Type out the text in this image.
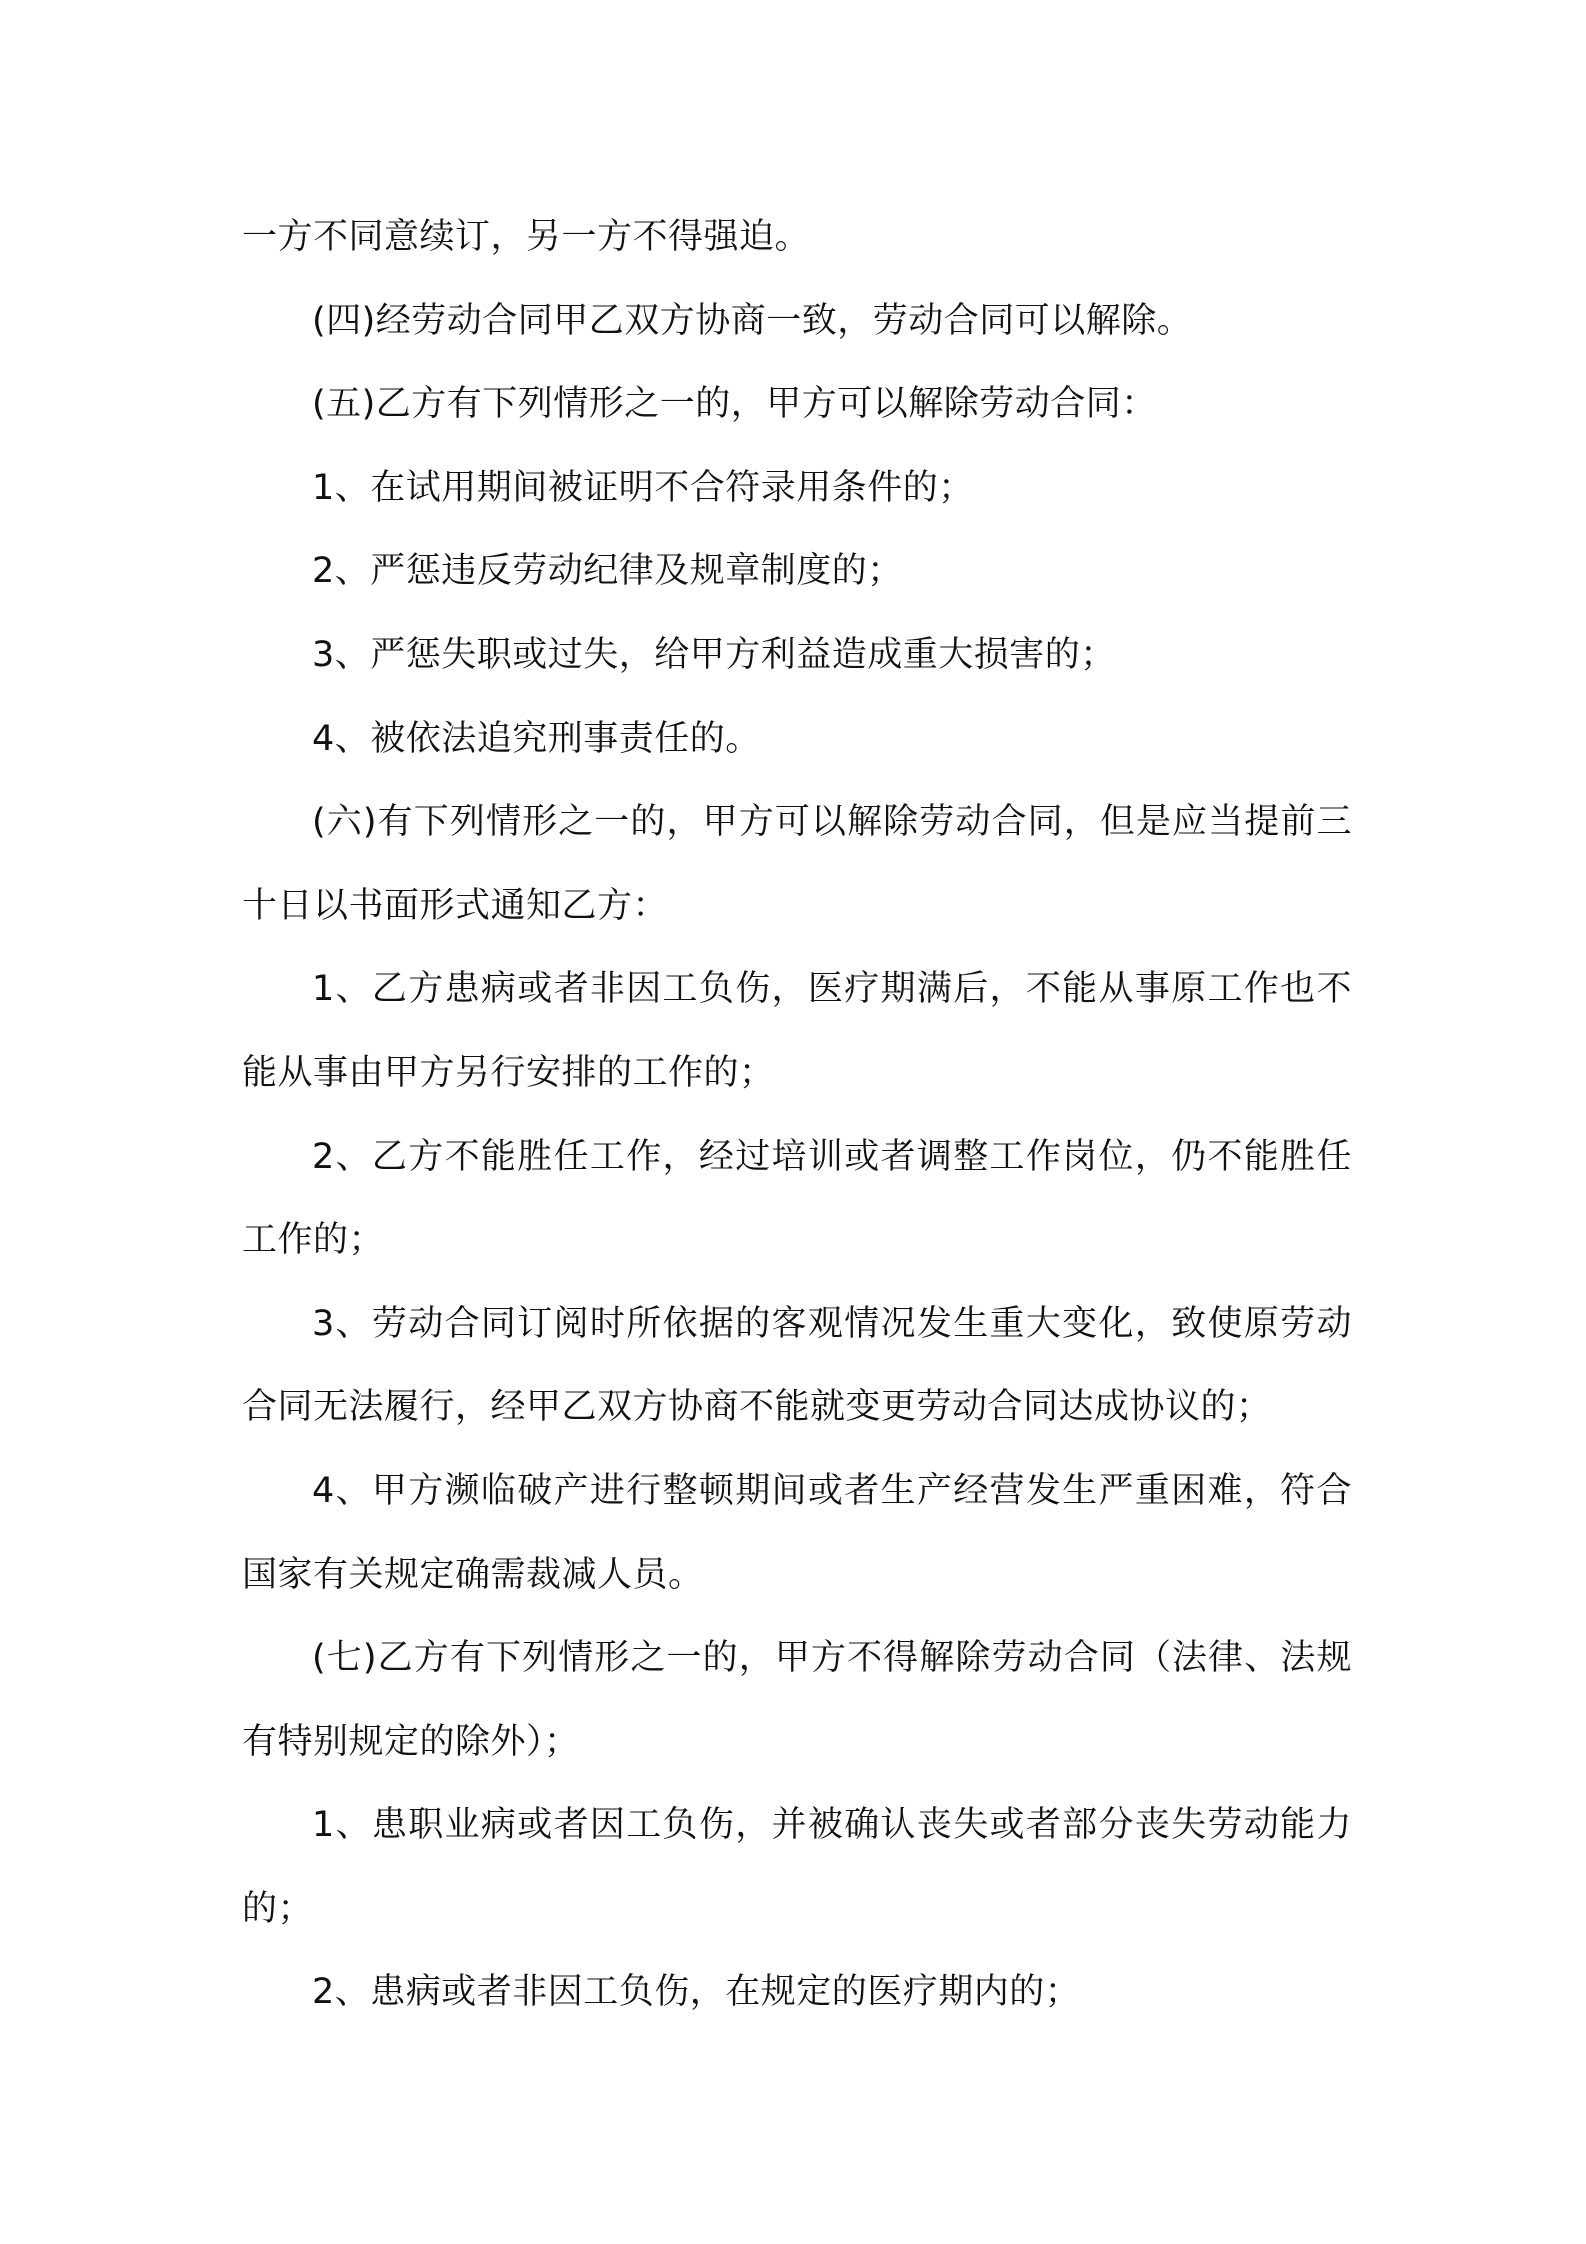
一方不同意续订，另一方不得强迫。

(四)经劳动合同甲乙双方协商一致，劳动合同可以解除。

(五)乙方有下列情形之一的，甲方可以解除劳动合同：

1、在试用期间被证明不合符录用条件的；

2、严惩违反劳动纪律及规章制度的；

3、严惩失职或过失，给甲方利益造成重大损害的；

4、被依法追究刑事责任的。

(六)有下列情形之一的，甲方可以解除劳动合同，但是应当提前三十日以书面形式通知乙方：

1、乙方患病或者非因工负伤，医疗期满后，不能从事原工作也不能从事由甲方另行安排的工作的；

2、乙方不能胜任工作，经过培训或者调整工作岗位，仍不能胜任工作的；

3、劳动合同订阅时所依据的客观情况发生重大变化，致使原劳动合同无法履行，经甲乙双方协商不能就变更劳动合同达成协议的；

4、甲方濒临破产进行整顿期间或者生产经营发生严重困难，符合国家有关规定确需裁减人员。

(七)乙方有下列情形之一的，甲方不得解除劳动合同（法律、法规有特别规定的除外）；

1、患职业病或者因工负伤，并被确认丧失或者部分丧失劳动能力的；

2、患病或者非因工负伤，在规定的医疗期内的；
